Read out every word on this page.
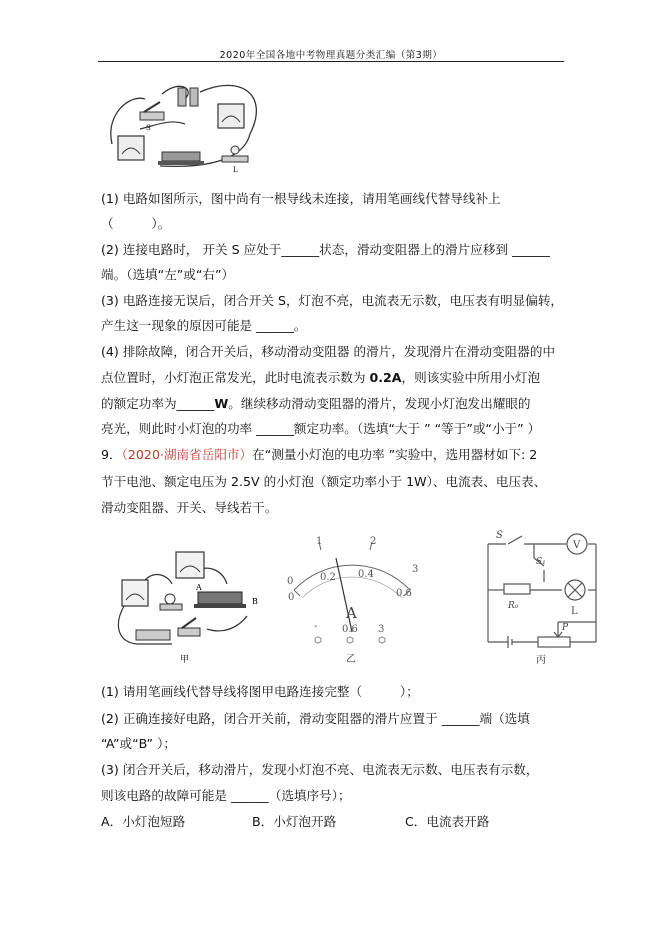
2020年全国各地中考物理真题分类汇编（第3期）
S
L
(1) 电路如图所示，图中尚有一根导线未连接，请用笔画线代替导线补上
（　　　）。
(2) 连接电路时， 开关 S 应处于______状态，滑动变阻器上的滑片应移到 ______
端。（选填“左”或“右”）
(3) 电路连接无误后，闭合开关 S，灯泡不亮，电流表无示数，电压表有明显偏转，
产生这一现象的原因可能是 ______。
(4) 排除故障，闭合开关后，移动滑动变阻器 的滑片，发现滑片在滑动变阻器的中
点位置时，小灯泡正常发光，此时电流表示数为 0.2A，则该实验中所用小灯泡
的额定功率为______W。继续移动滑动变阻器的滑片，发现小灯泡发出耀眼的
亮光，则此时小灯泡的功率 ______额定功率。（选填“大于 ” “等于”或“小于” ）
9．（2020·湖南省岳阳市）在“测量小灯泡的电功率 ”实验中，选用器材如下: 2
节干电池、额定电压为 2.5V 的小灯泡（额定功率小于 1W）、电流表、电压表、
滑动变阻器、开关、导线若干。
A
B
甲
0
1	2
3
0
0.2 0.4
0.6
A
- 0.6 3
乙
S
S₁
V
R₀	L
P
丙
(1) 请用笔画线代替导线将图甲电路连接完整（　　　）；
(2) 正确连接好电路，闭合开关前，滑动变阻器的滑片应置于 ______端（选填
“A”或“B” ）；
(3) 闭合开关后，移动滑片，发现小灯泡不亮、电流表无示数、电压表有示数，
则该电路的故障可能是 ______（选填序号）；
A．小灯泡短路	B．小灯泡开路	C．电流表开路
